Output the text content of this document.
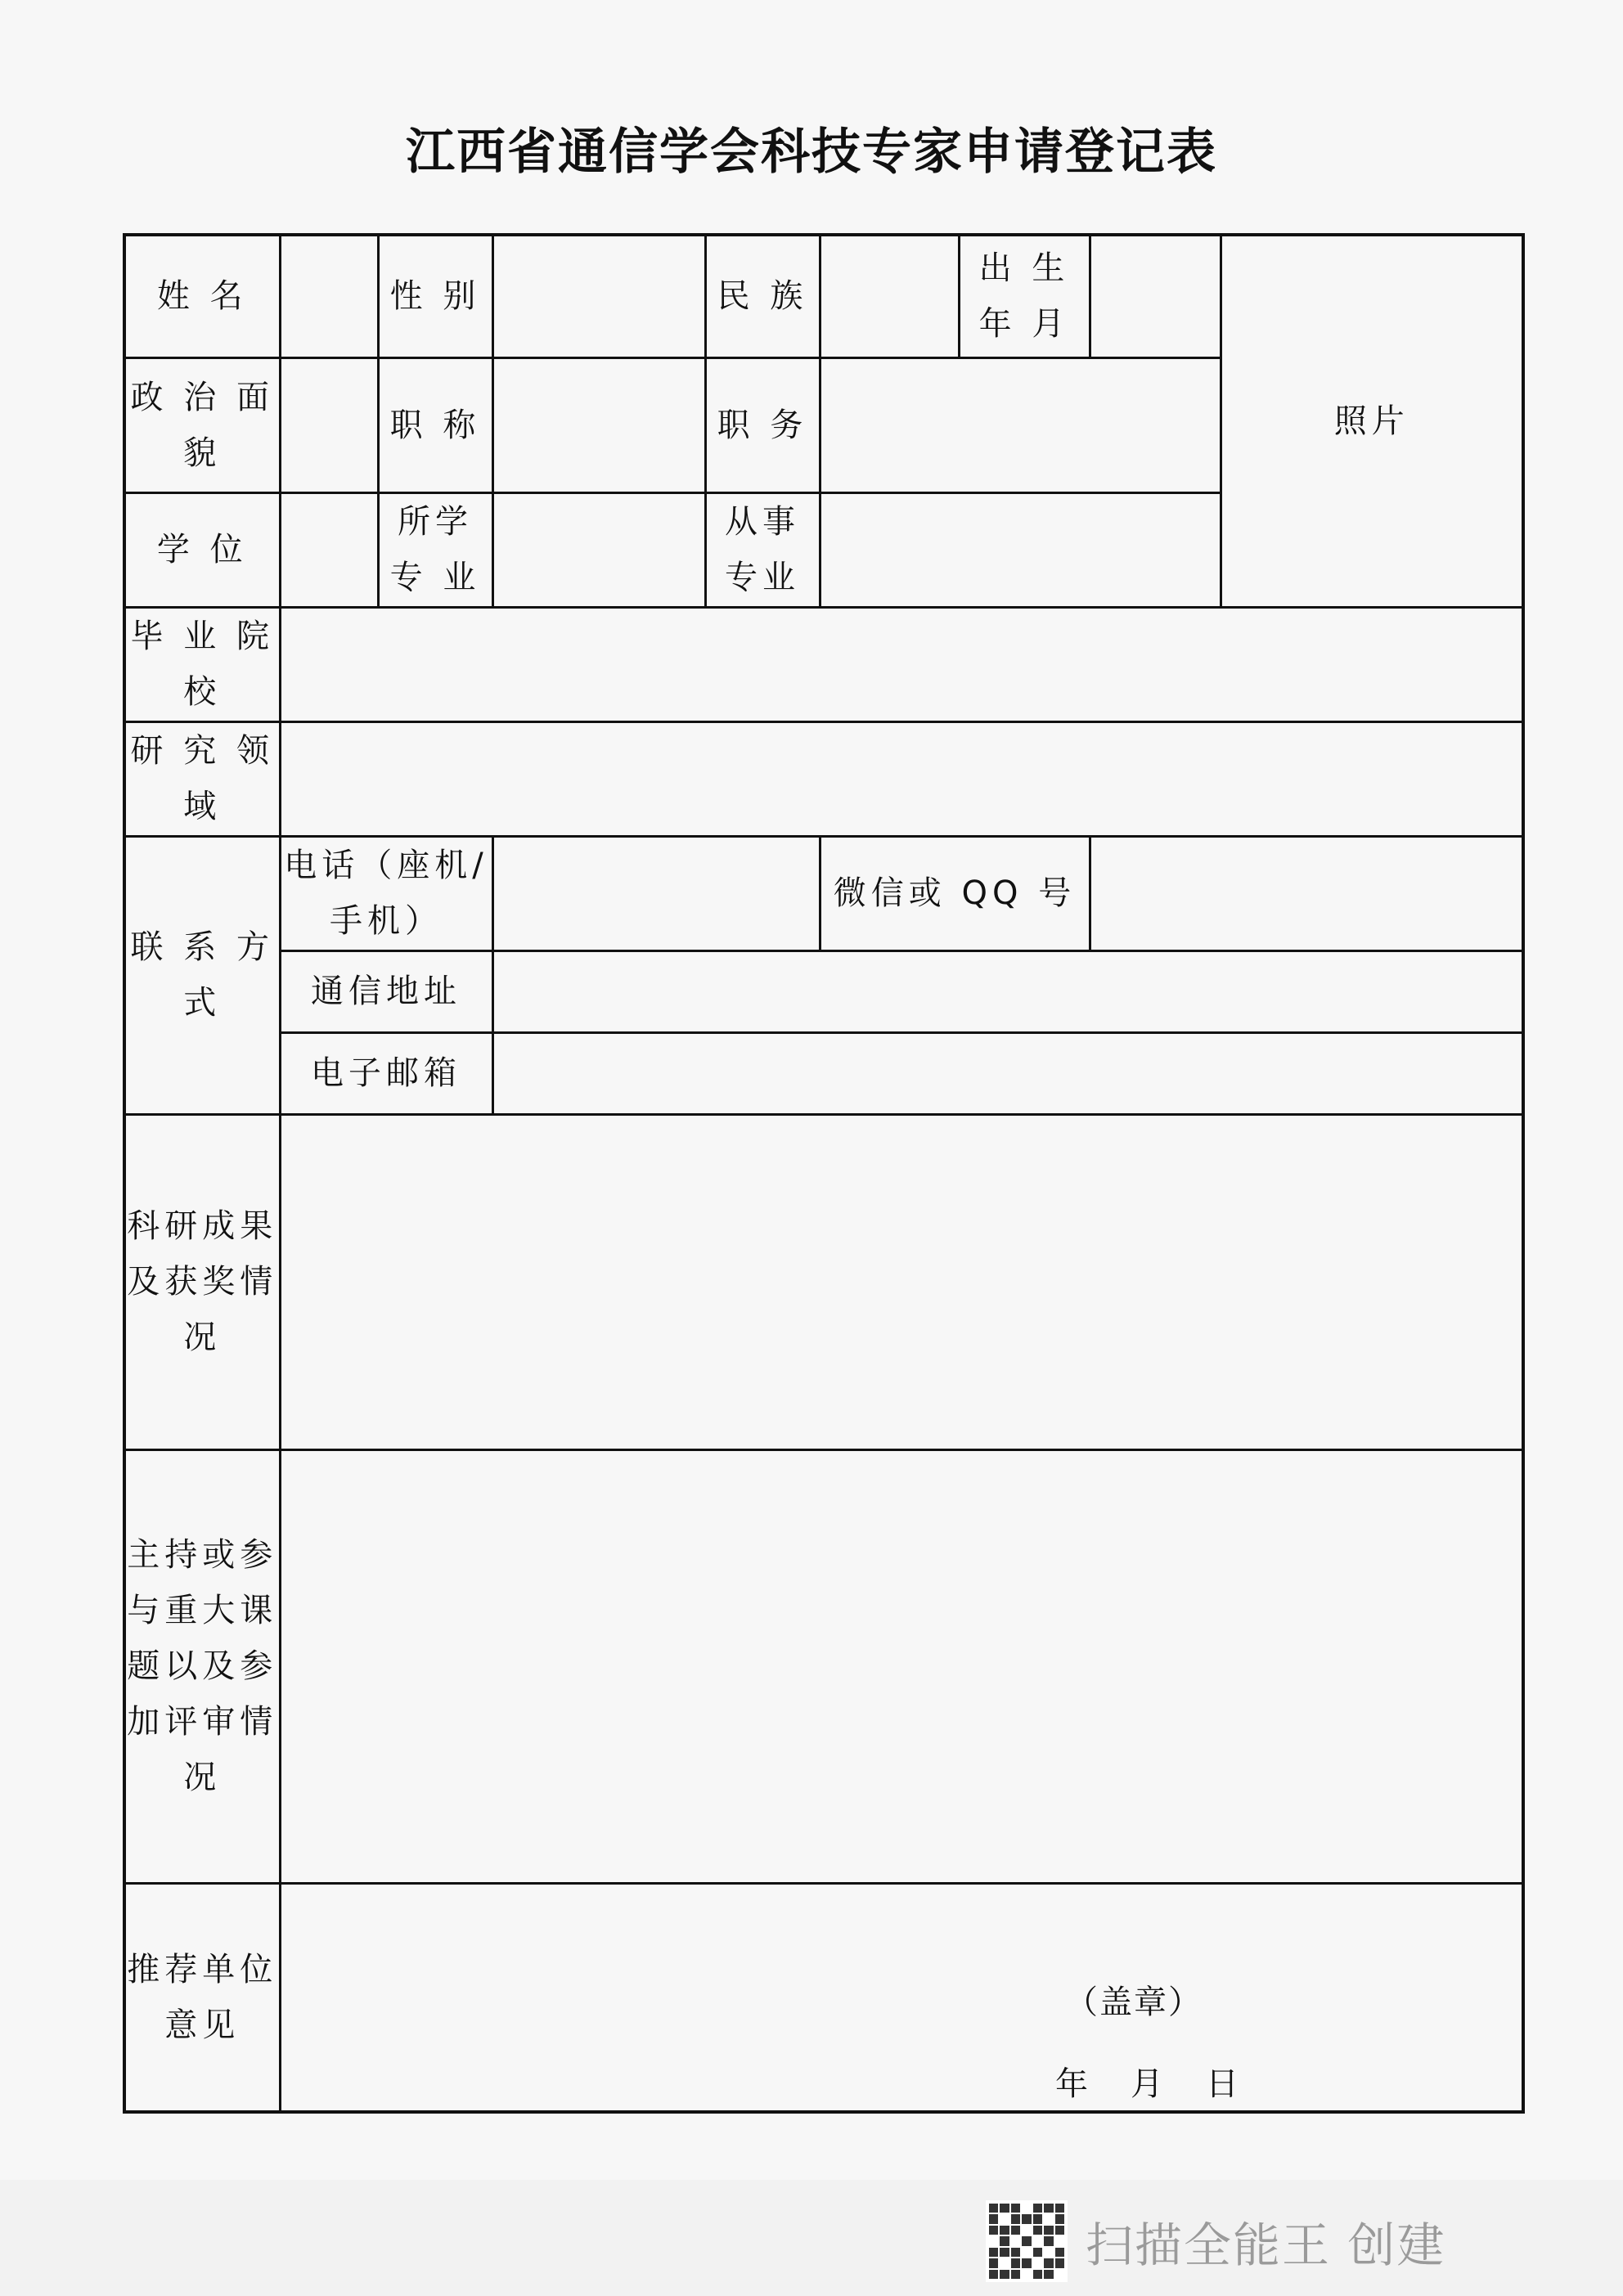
江西省通信学会科技专家申请登记表
姓 名		性 别		民 族		出 生 年 月		照片
政 治 面 貌		职 称		职 务				
学 位		所学 专 业		从事 专业				
毕 业 院 校								
研 究 领 域								
联 系 方 式	电话（座机/手机）				微信或 QQ 号			
	通信地址							
	电子邮箱							
科研成果及获奖情况								
主持或参与重大课题以及参加评审情况								
推荐单位意见	（盖章）
年　月　日							
扫描全能王 创建
